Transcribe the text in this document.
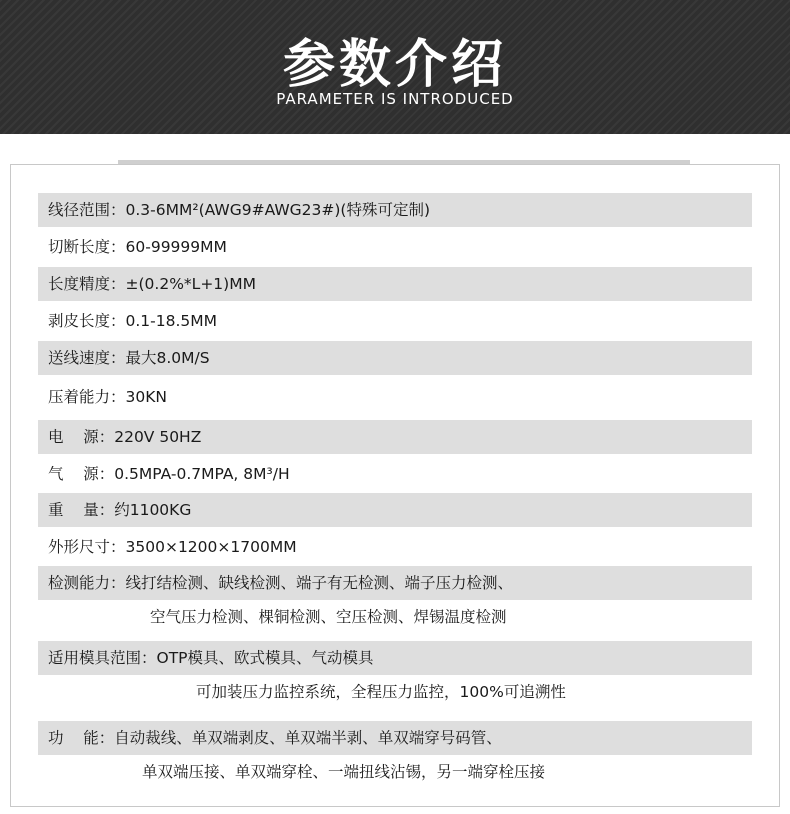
参数介绍
PARAMETER IS INTRODUCED
线径范围：0.3-6MM²(AWG9#AWG23#)(特殊可定制)
切断长度：60-99999MM
长度精度：±(0.2%*L+1)MM
剥皮长度：0.1-18.5MM
送线速度：最大8.0M/S
压着能力：30KN
电    源：220V 50HZ
气    源：0.5MPA-0.7MPA, 8M³/H
重    量：约1100KG
外形尺寸：3500×1200×1700MM
检测能力：线打结检测、缺线检测、端子有无检测、端子压力检测、
空气压力检测、棵铜检测、空压检测、焊锡温度检测
适用模具范围：OTP模具、欧式模具、气动模具
可加装压力监控系统，全程压力监控，100%可追溯性
功    能：自动裁线、单双端剥皮、单双端半剥、单双端穿号码管、
单双端压接、单双端穿栓、一端扭线沾锡，另一端穿栓压接
